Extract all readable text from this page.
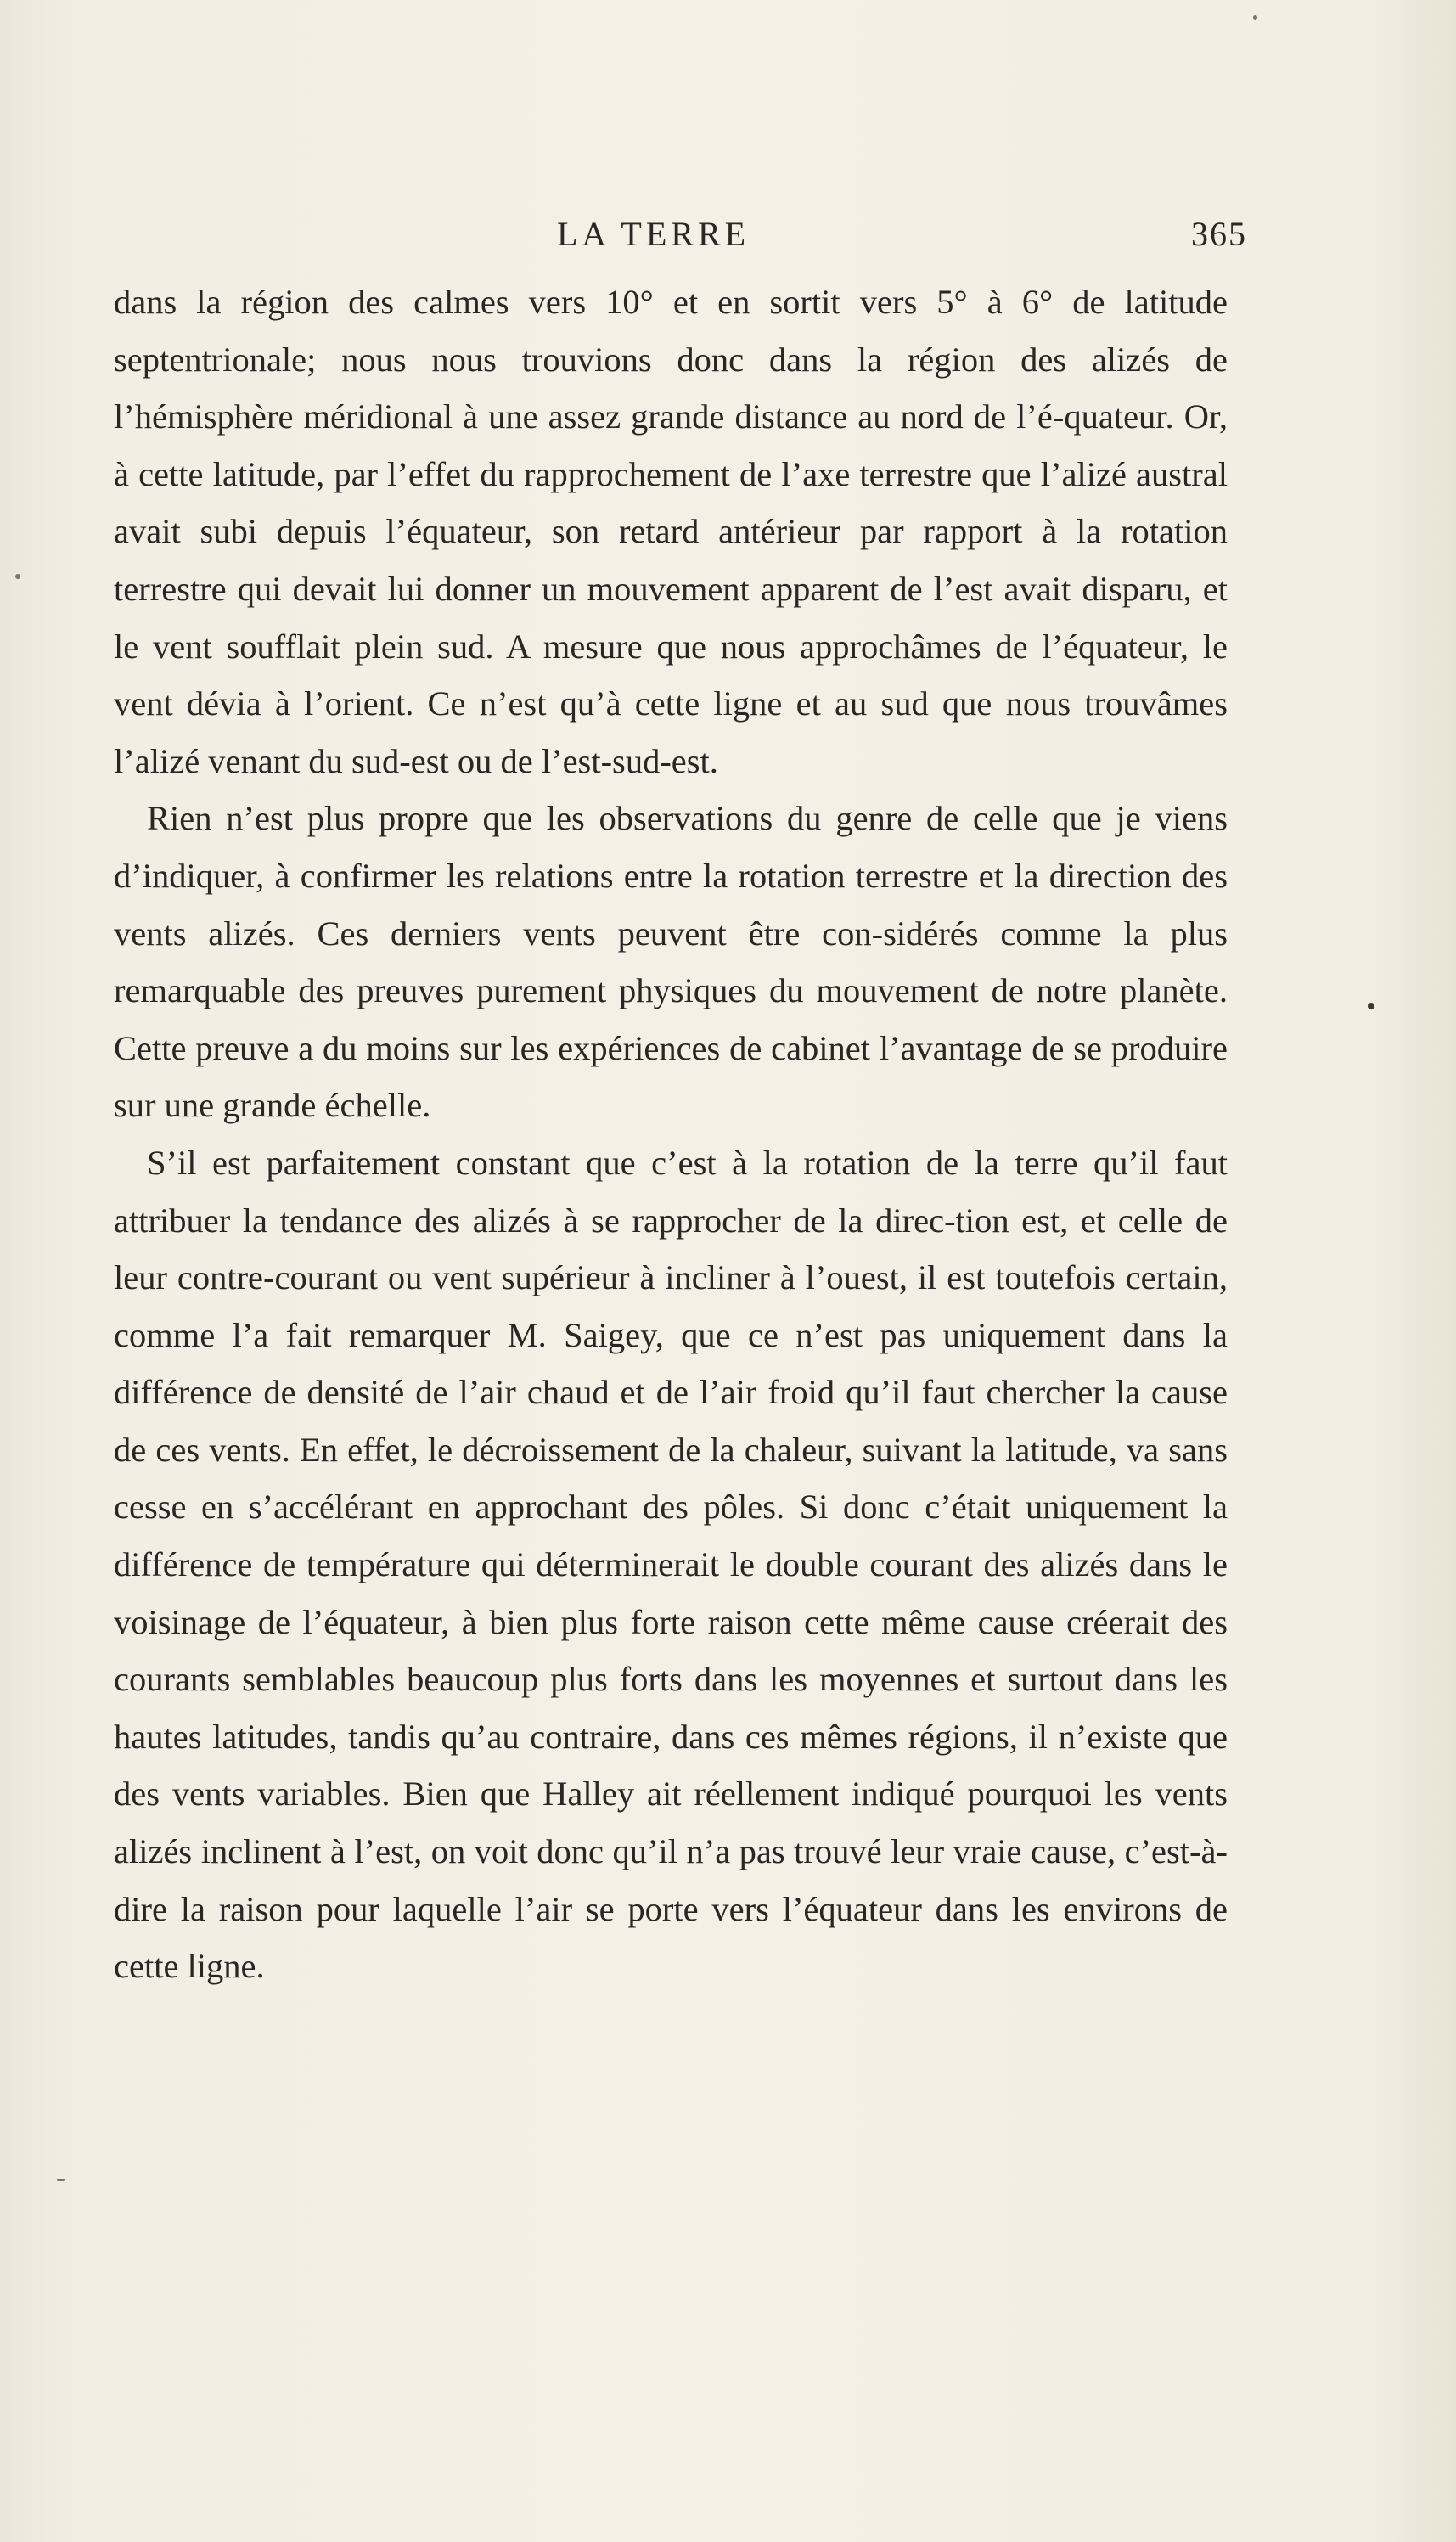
LA TERRE	365

dans la région des calmes vers 10° et en sortit vers 5° à 6° de latitude septentrionale; nous nous trouvions donc dans la région des alizés de l’hémisphère méridional à une assez grande distance au nord de l’é-quateur. Or, à cette latitude, par l’effet du rapprochement de l’axe terrestre que l’alizé austral avait subi depuis l’équateur, son retard antérieur par rapport à la rotation terrestre qui devait lui donner un mouvement apparent de l’est avait disparu, et le vent soufflait plein sud. A mesure que nous approchâmes de l’équateur, le vent dévia à l’orient. Ce n’est qu’à cette ligne et au sud que nous trouvâmes l’alizé venant du sud-est ou de l’est-sud-est.

Rien n’est plus propre que les observations du genre de celle que je viens d’indiquer, à confirmer les relations entre la rotation terrestre et la direction des vents alizés. Ces derniers vents peuvent être con-sidérés comme la plus remarquable des preuves purement physiques du mouvement de notre planète. Cette preuve a du moins sur les expériences de cabinet l’avantage de se produire sur une grande échelle.

S’il est parfaitement constant que c’est à la rotation de la terre qu’il faut attribuer la tendance des alizés à se rapprocher de la direc-tion est, et celle de leur contre-courant ou vent supérieur à incliner à l’ouest, il est toutefois certain, comme l’a fait remarquer M. Saigey, que ce n’est pas uniquement dans la différence de densité de l’air chaud et de l’air froid qu’il faut chercher la cause de ces vents. En effet, le décroissement de la chaleur, suivant la latitude, va sans cesse en s’accélérant en approchant des pôles. Si donc c’était uniquement la différence de température qui déterminerait le double courant des alizés dans le voisinage de l’équateur, à bien plus forte raison cette même cause créerait des courants semblables beaucoup plus forts dans les moyennes et surtout dans les hautes latitudes, tandis qu’au contraire, dans ces mêmes régions, il n’existe que des vents variables. Bien que Halley ait réellement indiqué pourquoi les vents alizés inclinent à l’est, on voit donc qu’il n’a pas trouvé leur vraie cause, c’est-à-dire la raison pour laquelle l’air se porte vers l’équateur dans les environs de cette ligne.
